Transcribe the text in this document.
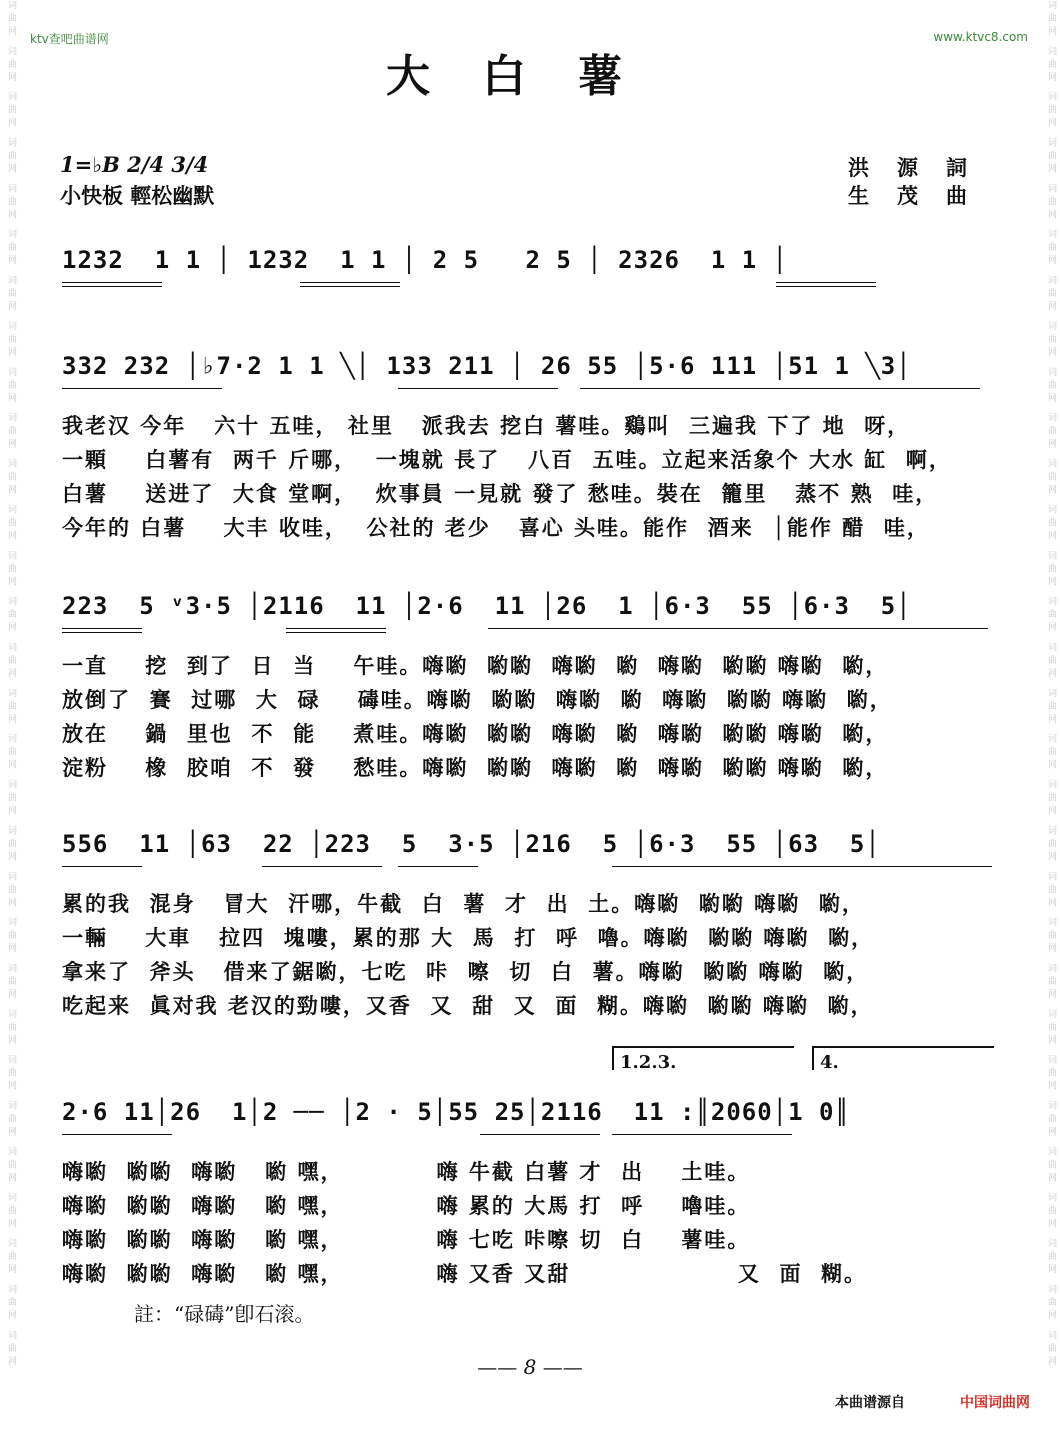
ktv查吧曲谱网	www.ktvc8.com
词曲网 词曲网 词曲网 词曲网 词曲网 词曲网 词曲网 词曲网 词曲网 词曲网 词曲网 词曲网 词曲网 词曲网 词曲网 词曲网 词曲网 词曲网 词曲网 词曲网 词曲网 词曲网 词曲网 词曲网 词曲网 词曲网 词曲网 词曲网 词曲网 词曲网	词曲网 词曲网 词曲网 词曲网 词曲网 词曲网 词曲网 词曲网 词曲网 词曲网 词曲网 词曲网 词曲网 词曲网 词曲网 词曲网 词曲网 词曲网 词曲网 词曲网 词曲网 词曲网 词曲网 词曲网 词曲网 词曲网 词曲网 词曲网 词曲网 词曲网
大白薯
1=♭B 2/4 3/4
小快板 輕松幽默
洪源詞
生茂曲
1232  1 1 │ 1232  1 1 │ 2 5   2 5 │ 2326  1 1 │
332 232 │♭7·2 1 1 ╲│ 133 211 │ 26 55 │5·6 111 │51 1 ╲3│
我老汉 今年   六十 五哇， 社里   派我去 挖白 薯哇。鷄叫  三遍我 下了 地  呀，
一顆    白薯有  两千 斤哪，  一塊就 長了   八百  五哇。立起来活象个 大水 缸  啊，
白薯    送进了  大食 堂啊，  炊事員 一見就 發了 愁哇。裝在  籠里   蒸不 熟  哇，
今年的 白薯    大丰 收哇，  公社的 老少   喜心 头哇。能作  酒来  │能作 醋  哇，
223  5 ᵛ3·5 │2116  11 │2·6  11 │26  1 │6·3  55 │6·3  5│
一直    挖  到了  日  当    午哇。嗨喲  喲喲  嗨喲  喲  嗨喲  喲喲 嗨喲  喲，
放倒了  賽  过哪  大  碌    碡哇。嗨喲  喲喲  嗨喲  喲  嗨喲  喲喲 嗨喲  喲，
放在    鍋  里也  不  能    煮哇。嗨喲  喲喲  嗨喲  喲  嗨喲  喲喲 嗨喲  喲，
淀粉    橡  胶咱  不  發    愁哇。嗨喲  喲喲  嗨喲  喲  嗨喲  喲喲 嗨喲  喲，
556  11 │63  22 │223  5  3·5 │216  5 │6·3  55 │63  5│
累的我  混身   冒大  汗哪，牛截  白  薯  才  出  土。嗨喲  喲喲 嗨喲  喲，
一輛    大車   拉四  塊嘍，累的那 大  馬  打  呼  嚕。嗨喲  喲喲 嗨喲  喲，
拿来了  斧头   借来了鋸喲，七吃  咔  嚓  切  白  薯。嗨喲  喲喲 嗨喲  喲，
吃起来  眞对我 老汉的勁嘍，又香  又  甜  又  面  糊。嗨喲  喲喲 嗨喲  喲，
1.2.3.	4.
2·6 11│26  1│2 ── │2 · 5│55 25│2116  11 :║2060│1 0║
嗨喲  喲喲  嗨喲   喲 嘿，          嗨 牛截 白薯 才  出    土哇。
嗨喲  喲喲  嗨喲   喲 嘿，          嗨 累的 大馬 打  呼    嚕哇。
嗨喲  喲喲  嗨喲   喲 嘿，          嗨 七吃 咔嚓 切  白    薯哇。
嗨喲  喲喲  嗨喲   喲 嘿，          嗨 又香 又甜                  又  面  糊。
註：“碌碡”卽石滚。
—— 8 ——
本曲谱源自	中国词曲网
